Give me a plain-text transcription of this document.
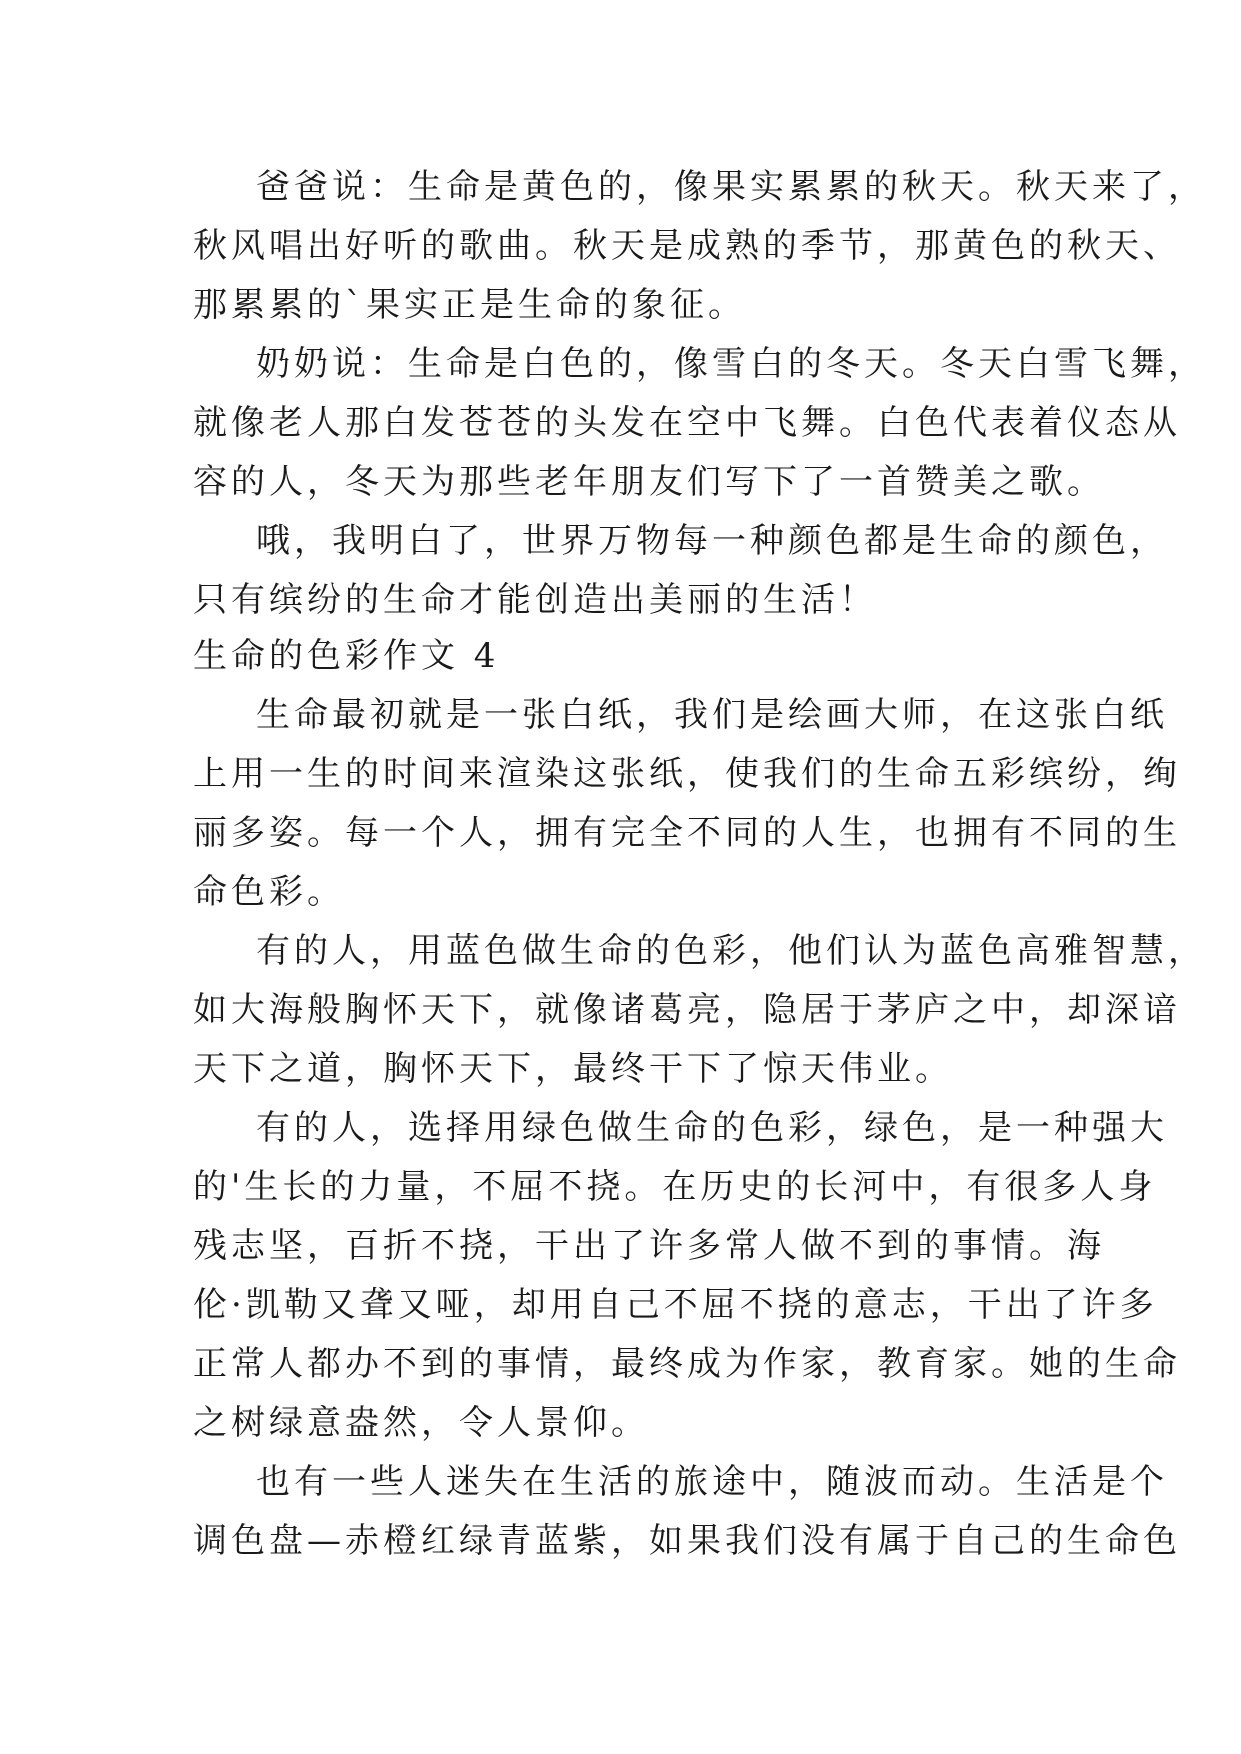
爸爸说：生命是黄色的，像果实累累的秋天。秋天来了，
秋风唱出好听的歌曲。秋天是成熟的季节，那黄色的秋天、
那累累的`果实正是生命的象征。
奶奶说：生命是白色的，像雪白的冬天。冬天白雪飞舞，
就像老人那白发苍苍的头发在空中飞舞。白色代表着仪态从
容的人，冬天为那些老年朋友们写下了一首赞美之歌。
哦，我明白了，世界万物每一种颜色都是生命的颜色，
只有缤纷的生命才能创造出美丽的生活！
生命的色彩作文 4
生命最初就是一张白纸，我们是绘画大师，在这张白纸
上用一生的时间来渲染这张纸，使我们的生命五彩缤纷，绚
丽多姿。每一个人，拥有完全不同的人生，也拥有不同的生
命色彩。
有的人，用蓝色做生命的色彩，他们认为蓝色高雅智慧，
如大海般胸怀天下，就像诸葛亮，隐居于茅庐之中，却深谙
天下之道，胸怀天下，最终干下了惊天伟业。
有的人，选择用绿色做生命的色彩，绿色，是一种强大
的'生长的力量，不屈不挠。在历史的长河中，有很多人身
残志坚，百折不挠，干出了许多常人做不到的事情。海
伦·凯勒又聋又哑，却用自己不屈不挠的意志，干出了许多
正常人都办不到的事情，最终成为作家，教育家。她的生命
之树绿意盎然，令人景仰。
也有一些人迷失在生活的旅途中，随波而动。生活是个
调色盘—赤橙红绿青蓝紫，如果我们没有属于自己的生命色
